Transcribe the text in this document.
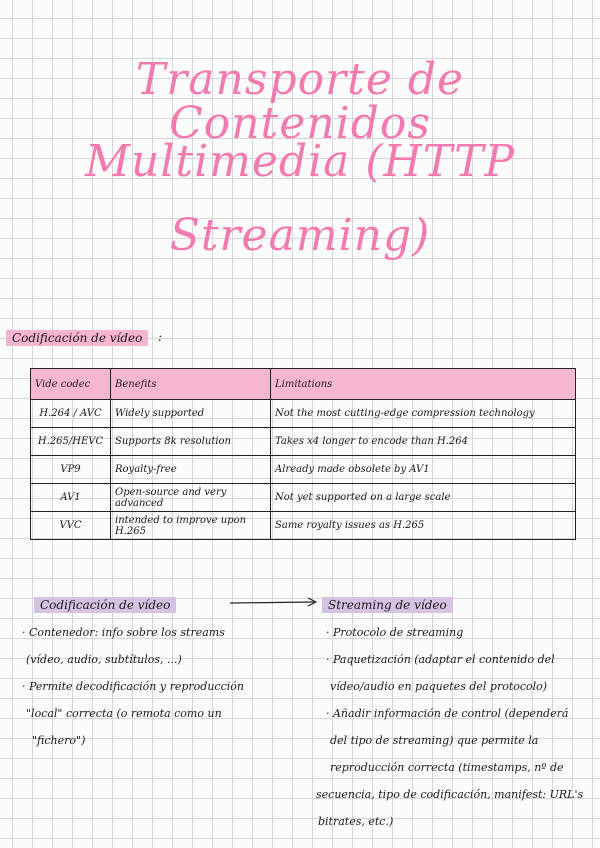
Transporte de Contenidos
Multimedia (HTTP
Streaming)
Codificación de vídeo	:
Vide codec	Benefits	Limitations
H.264 / AVC	Widely supported	Not the most cutting-edge compression technology
H.265/HEVC	Supports 8k resolution	Takes x4 longer to encode than H.264
VP9	Royalty-free	Already made obsolete by AV1
AV1	Open-source and very advanced	Not yet supported on a large scale
VVC	intended to improve upon H.265	Same royalty issues as H.265
Codificación de vídeo	Streaming de vídeo
· Contenedor: info sobre los streams
(vídeo, audio, subtítulos, ...)
· Permite decodificación y reproducción
"local" correcta (o remota como un
"fichero")
· Protocolo de streaming
· Paquetización (adaptar el contenido del
vídeo/audio en paquetes del protocolo)
· Añadir información de control (dependerá
del tipo de streaming) que permite la
reproducción correcta (timestamps, nº de
secuencia, tipo de codificación, manifest: URL's
bitrates, etc.)
